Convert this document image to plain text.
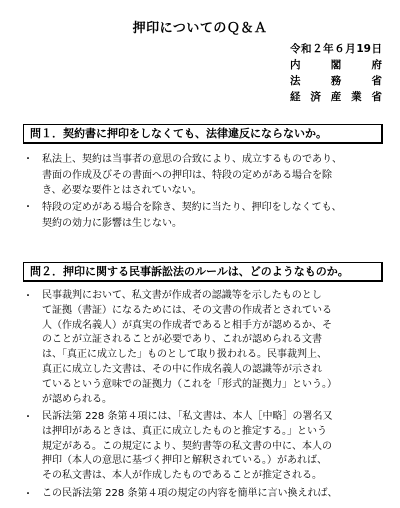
押印についてのＱ＆Ａ
令和２年６月19日
内　閣　府
法　務　省
経 済 産 業 省
問１．契約書に押印をしなくても、法律違反にならないか。
・ 私法上、契約は当事者の意思の合致により、成立するものであり、
書面の作成及びその書面への押印は、特段の定めがある場合を除
き、必要な要件とはされていない。
・ 特段の定めがある場合を除き、契約に当たり、押印をしなくても、
契約の効力に影響は生じない。
問２．押印に関する民事訴訟法のルールは、どのようなものか。
・ 民事裁判において、私文書が作成者の認識等を示したものとし
て証拠（書証）になるためには、その文書の作成者とされている
人（作成名義人）が真実の作成者であると相手方が認めるか、そ
のことが立証されることが必要であり、これが認められる文書
は、「真正に成立した」ものとして取り扱われる。民事裁判上、
真正に成立した文書は、その中に作成名義人の認識等が示され
ているという意味での証拠力（これを「形式的証拠力」という。）
が認められる。
・ 民訴法第 228 条第４項には、「私文書は、本人［中略］の署名又
は押印があるときは、真正に成立したものと推定する。」という
規定がある。この規定により、契約書等の私文書の中に、本人の
押印（本人の意思に基づく押印と解釈されている。）があれば、
その私文書は、本人が作成したものであることが推定される。
・ この民訴法第 228 条第４項の規定の内容を簡単に言い換えれば、
